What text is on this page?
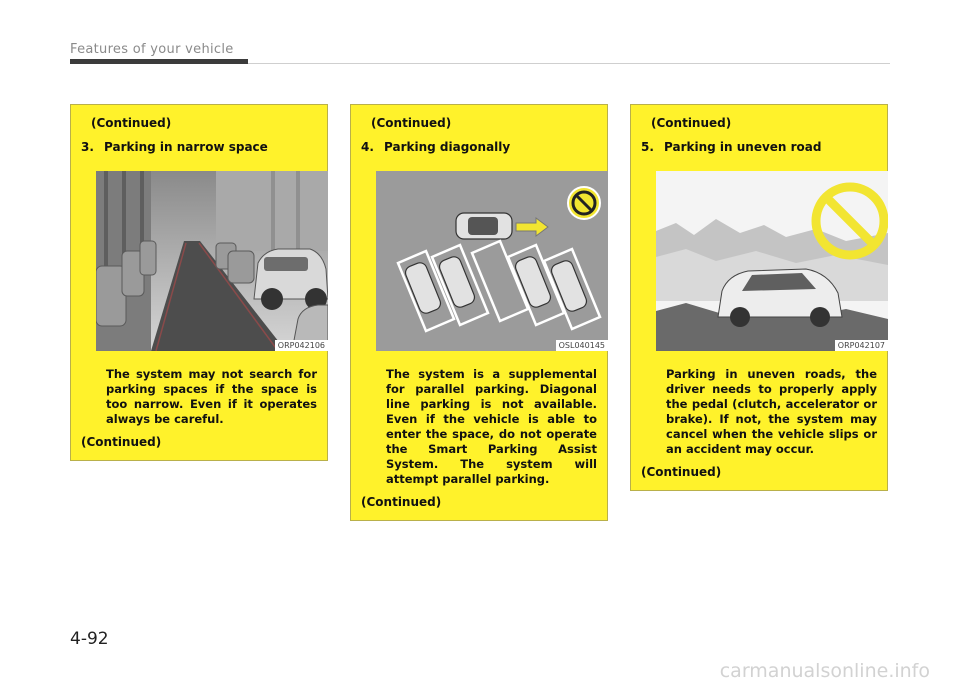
Features of your vehicle
(Continued)
3. Parking in narrow space
ORP042106
The system may not search for parking spaces if the space is too narrow. Even if it operates always be careful.
(Continued)
(Continued)
4. Parking diagonally
OSL040145
The system is a supplemental for parallel parking. Diagonal line parking is not available. Even if the vehicle is able to enter the space, do not operate the Smart Parking Assist System. The system will attempt parallel parking.
(Continued)
(Continued)
5. Parking in uneven road
ORP042107
Parking in uneven roads, the driver needs to properly apply the pedal (clutch, accelerator or brake). If not, the system may cancel when the vehicle slips or an accident may occur.
(Continued)
4-92
carmanualsonline.info
